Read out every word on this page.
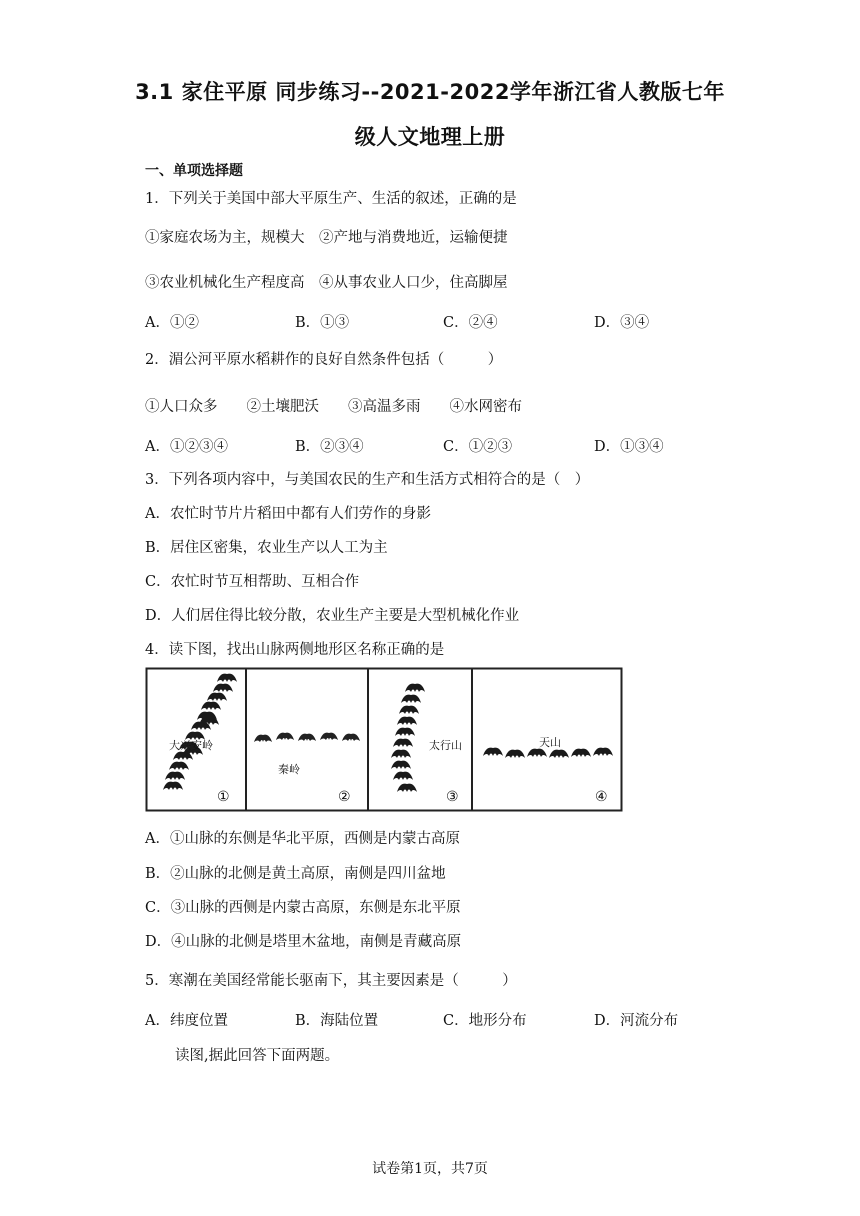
3.1 家住平原 同步练习--2021-2022学年浙江省人教版七年
级人文地理上册
一、单项选择题
1．下列关于美国中部大平原生产、生活的叙述，正确的是
①家庭农场为主，规模大　②产地与消费地近，运输便捷
③农业机械化生产程度高　④从事农业人口少，住高脚屋
A．①②	B．①③	C．②④	D．③④
2．湄公河平原水稻耕作的良好自然条件包括（　　　）
①人口众多　　②土壤肥沃　　③高温多雨　　④水网密布
A．①②③④	B．②③④	C．①②③	D．①③④
3．下列各项内容中，与美国农民的生产和生活方式相符合的是（　）
A．农忙时节片片稻田中都有人们劳作的身影
B．居住区密集，农业生产以人工为主
C．农忙时节互相帮助、互相合作
D．人们居住得比较分散，农业生产主要是大型机械化作业
4．读下图，找出山脉两侧地形区名称正确的是
大兴安岭
①
秦岭
②
太行山
③
天山
④
A．①山脉的东侧是华北平原，西侧是内蒙古高原
B．②山脉的北侧是黄土高原，南侧是四川盆地
C．③山脉的西侧是内蒙古高原，东侧是东北平原
D．④山脉的北侧是塔里木盆地，南侧是青藏高原
5．寒潮在美国经常能长驱南下，其主要因素是（　　　）
A．纬度位置	B．海陆位置	C．地形分布	D．河流分布
读图,据此回答下面两题。
试卷第1页，共7页
